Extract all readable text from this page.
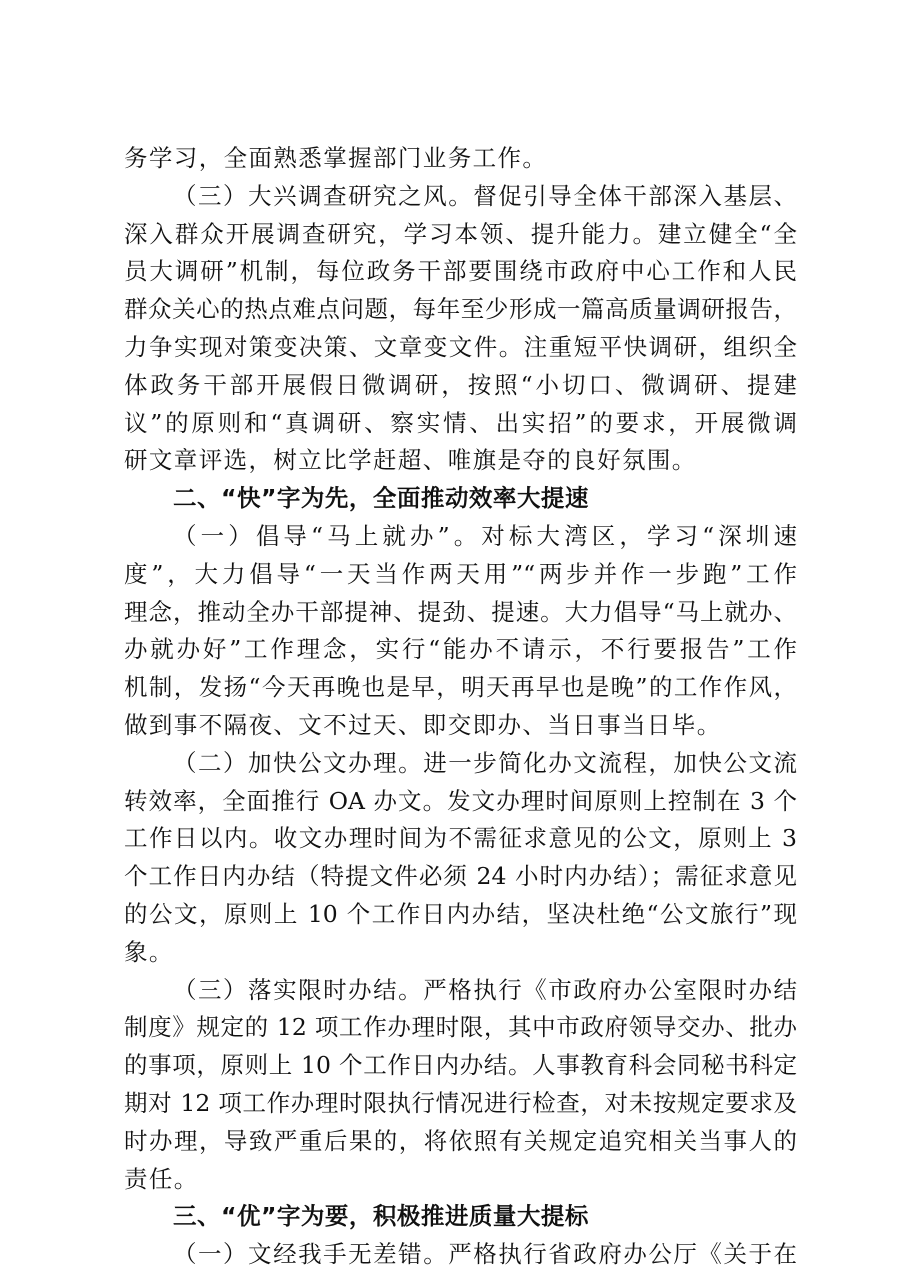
务学习，全面熟悉掌握部门业务工作。
（三）大兴调查研究之风。督促引导全体干部深入基层、
深入群众开展调查研究，学习本领、提升能力。建立健全“全
员大调研”机制，每位政务干部要围绕市政府中心工作和人民
群众关心的热点难点问题，每年至少形成一篇高质量调研报告，
力争实现对策变决策、文章变文件。注重短平快调研，组织全
体政务干部开展假日微调研，按照“小切口、微调研、提建
议”的原则和“真调研、察实情、出实招”的要求，开展微调
研文章评选，树立比学赶超、唯旗是夺的良好氛围。
二、“快”字为先，全面推动效率大提速
（一）倡导“马上就办”。对标大湾区，学习“深圳速
度”，大力倡导“一天当作两天用”“两步并作一步跑”工作
理念，推动全办干部提神、提劲、提速。大力倡导“马上就办、
办就办好”工作理念，实行“能办不请示，不行要报告”工作
机制，发扬“今天再晚也是早，明天再早也是晚”的工作作风，
做到事不隔夜、文不过天、即交即办、当日事当日毕。
（二）加快公文办理。进一步简化办文流程，加快公文流
转效率，全面推行 OA 办文。发文办理时间原则上控制在 3 个
工作日以内。收文办理时间为不需征求意见的公文，原则上 3
个工作日内办结（特提文件必须 24 小时内办结）；需征求意见
的公文，原则上 10 个工作日内办结，坚决杜绝“公文旅行”现
象。
（三）落实限时办结。严格执行《市政府办公室限时办结
制度》规定的 12 项工作办理时限，其中市政府领导交办、批办
的事项，原则上 10 个工作日内办结。人事教育科会同秘书科定
期对 12 项工作办理时限执行情况进行检查，对未按规定要求及
时办理，导致严重后果的，将依照有关规定追究相关当事人的
责任。
三、“优”字为要，积极推进质量大提标
（一）文经我手无差错。严格执行省政府办公厅《关于在
